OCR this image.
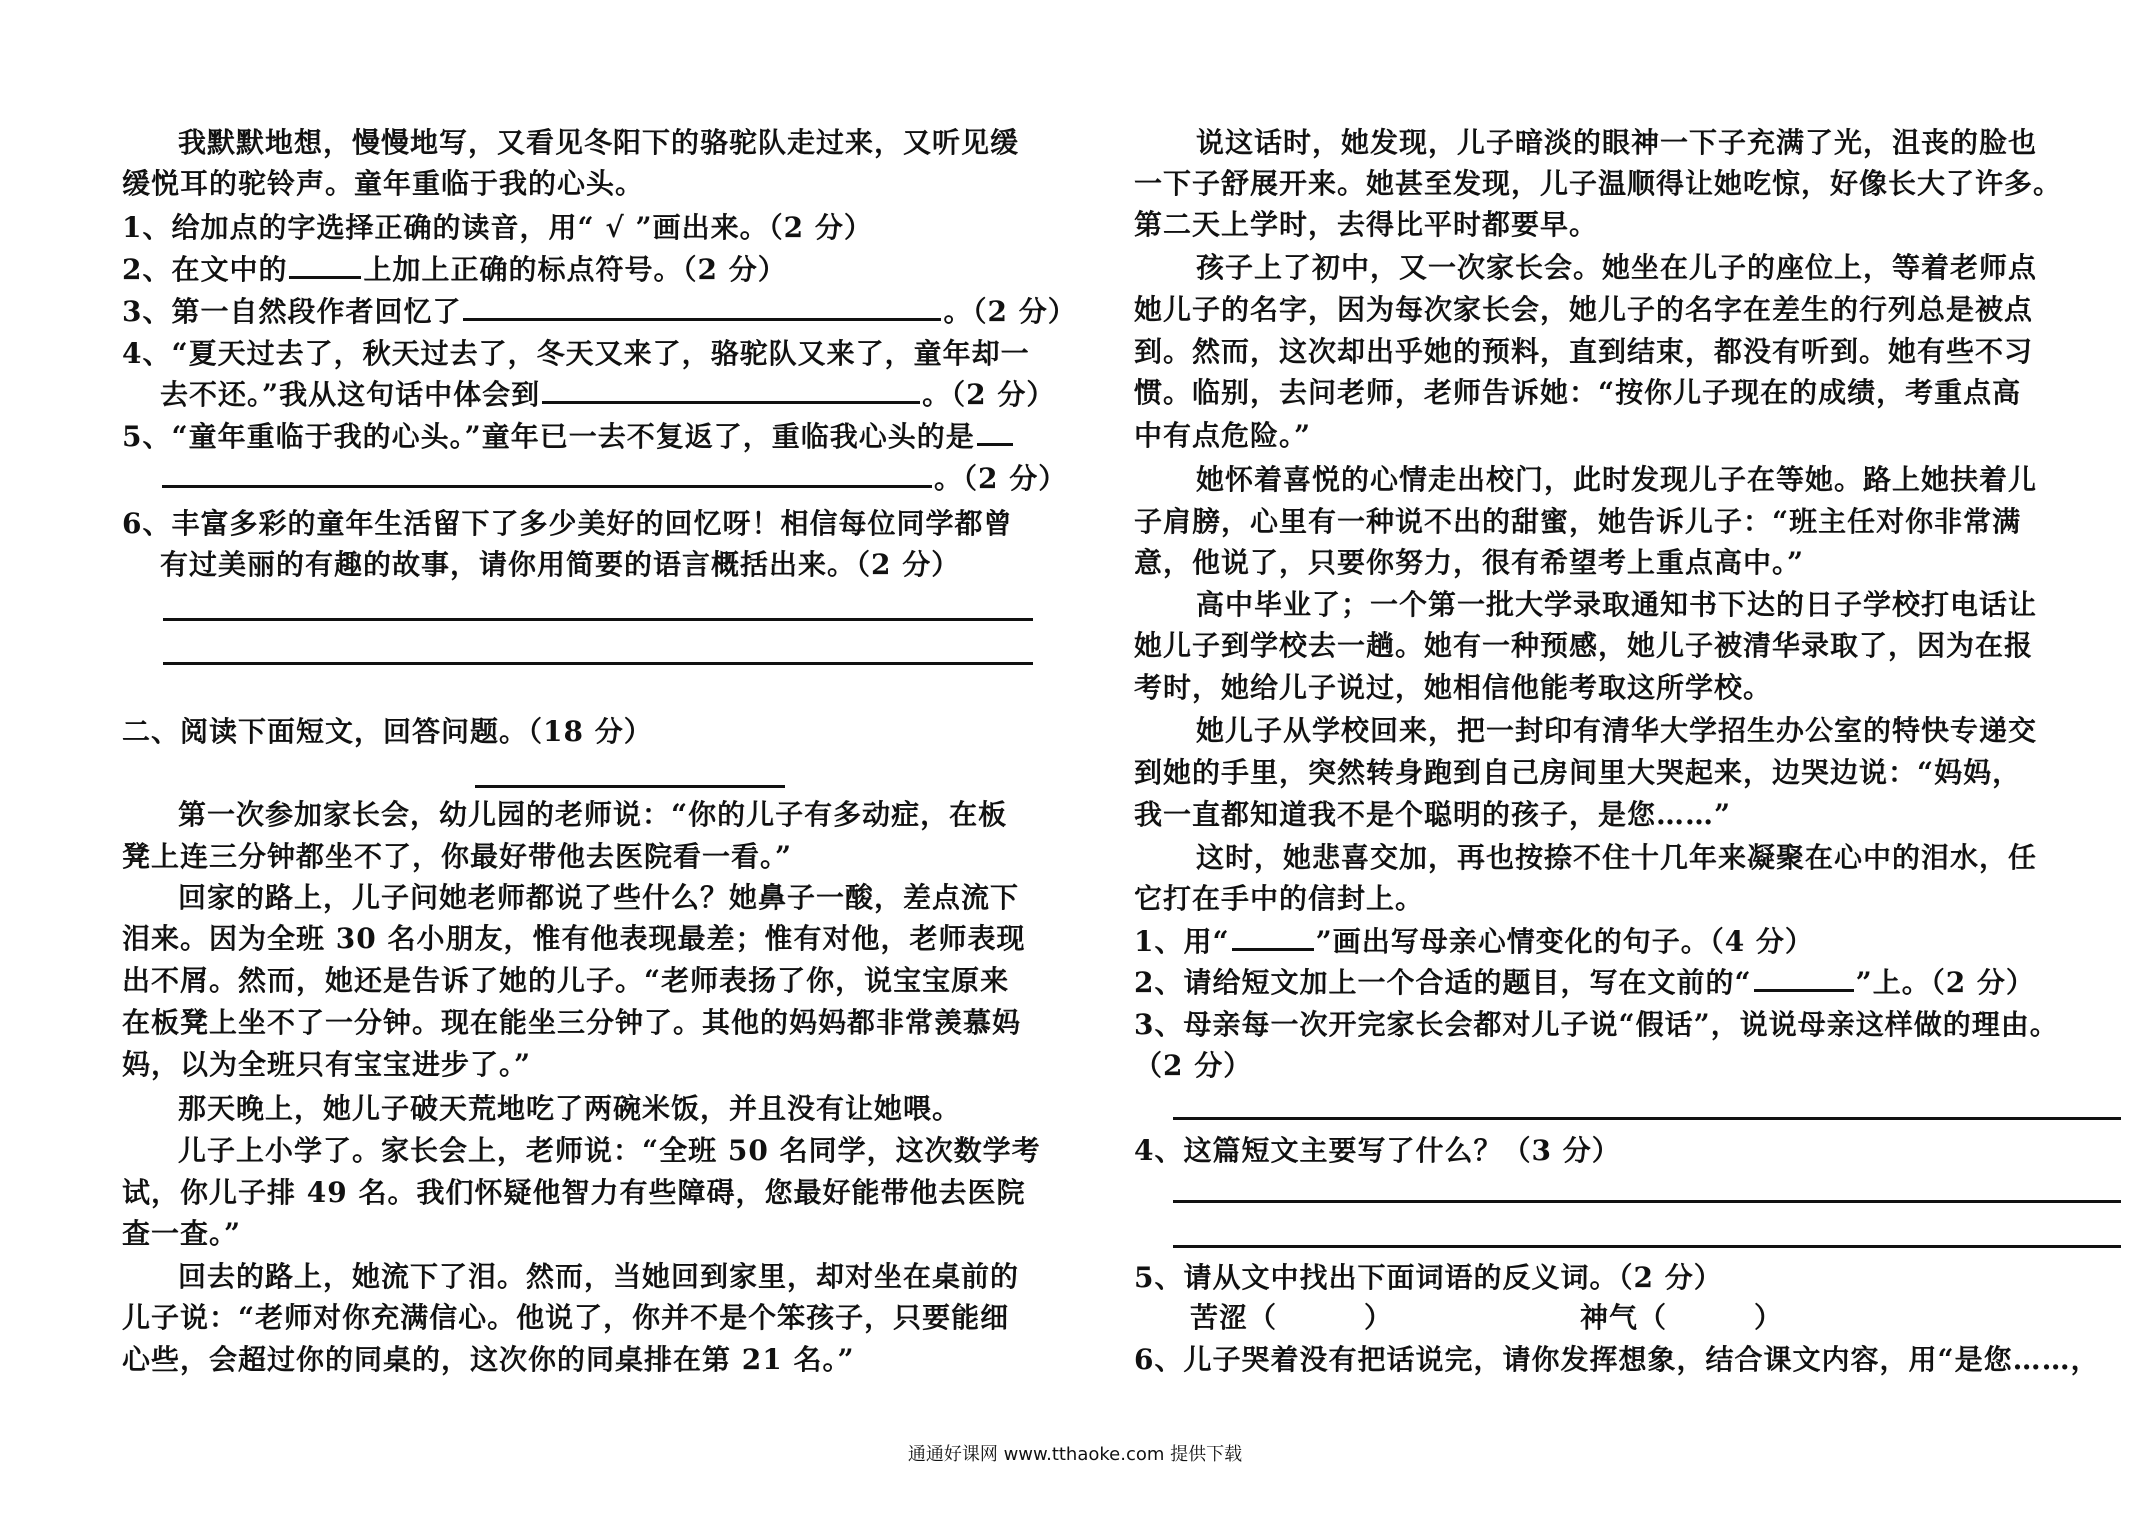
我默默地想，慢慢地写，又看见冬阳下的骆驼队走过来，又听见缓
缓悦耳的驼铃声。童年重临于我的心头。
1、给加点的字选择正确的读音，用“ √ ”画出来。（2 分）
2、在文中的	上加上正确的标点符号。（2 分）
3、第一自然段作者回忆了	。（2 分）
4、“夏天过去了，秋天过去了，冬天又来了，骆驼队又来了，童年却一
去不还。”我从这句话中体会到	。（2 分）
5、“童年重临于我的心头。”童年已一去不复返了，重临我心头的是
。（2 分）
6、丰富多彩的童年生活留下了多少美好的回忆呀！相信每位同学都曾
有过美丽的有趣的故事，请你用简要的语言概括出来。（2 分）
二、阅读下面短文，回答问题。（18 分）
第一次参加家长会，幼儿园的老师说：“你的儿子有多动症，在板
凳上连三分钟都坐不了，你最好带他去医院看一看。”
回家的路上，儿子问她老师都说了些什么？她鼻子一酸，差点流下
泪来。因为全班 30 名小朋友，惟有他表现最差；惟有对他，老师表现
出不屑。然而，她还是告诉了她的儿子。“老师表扬了你，说宝宝原来
在板凳上坐不了一分钟。现在能坐三分钟了。其他的妈妈都非常羡慕妈
妈，以为全班只有宝宝进步了。”
那天晚上，她儿子破天荒地吃了两碗米饭，并且没有让她喂。
儿子上小学了。家长会上，老师说：“全班 50 名同学，这次数学考
试，你儿子排 49 名。我们怀疑他智力有些障碍，您最好能带他去医院
查一查。”
回去的路上，她流下了泪。然而，当她回到家里，却对坐在桌前的
儿子说：“老师对你充满信心。他说了，你并不是个笨孩子，只要能细
心些，会超过你的同桌的，这次你的同桌排在第 21 名。”
说这话时，她发现，儿子暗淡的眼神一下子充满了光，沮丧的脸也
一下子舒展开来。她甚至发现，儿子温顺得让她吃惊，好像长大了许多。
第二天上学时，去得比平时都要早。
孩子上了初中，又一次家长会。她坐在儿子的座位上，等着老师点
她儿子的名字，因为每次家长会，她儿子的名字在差生的行列总是被点
到。然而，这次却出乎她的预料，直到结束，都没有听到。她有些不习
惯。临别，去问老师，老师告诉她：“按你儿子现在的成绩，考重点高
中有点危险。”
她怀着喜悦的心情走出校门，此时发现儿子在等她。路上她扶着儿
子肩膀，心里有一种说不出的甜蜜，她告诉儿子：“班主任对你非常满
意，他说了，只要你努力，很有希望考上重点高中。”
高中毕业了；一个第一批大学录取通知书下达的日子学校打电话让
她儿子到学校去一趟。她有一种预感，她儿子被清华录取了，因为在报
考时，她给儿子说过，她相信他能考取这所学校。
她儿子从学校回来，把一封印有清华大学招生办公室的特快专递交
到她的手里，突然转身跑到自己房间里大哭起来，边哭边说：“妈妈，
我一直都知道我不是个聪明的孩子，是您……”
这时，她悲喜交加，再也按捺不住十几年来凝聚在心中的泪水，任
它打在手中的信封上。
1、用“	”画出写母亲心情变化的句子。（4 分）
2、请给短文加上一个合适的题目，写在文前的“	”上。（2 分）
3、母亲每一次开完家长会都对儿子说“假话”，说说母亲这样做的理由。
（2 分）
4、这篇短文主要写了什么？（3 分）
5、请从文中找出下面词语的反义词。（2 分）
苦涩（　　　）	神气（　　　）
6、儿子哭着没有把话说完，请你发挥想象，结合课文内容，用“是您……，
通通好课网 www.tthaoke.com 提供下载
